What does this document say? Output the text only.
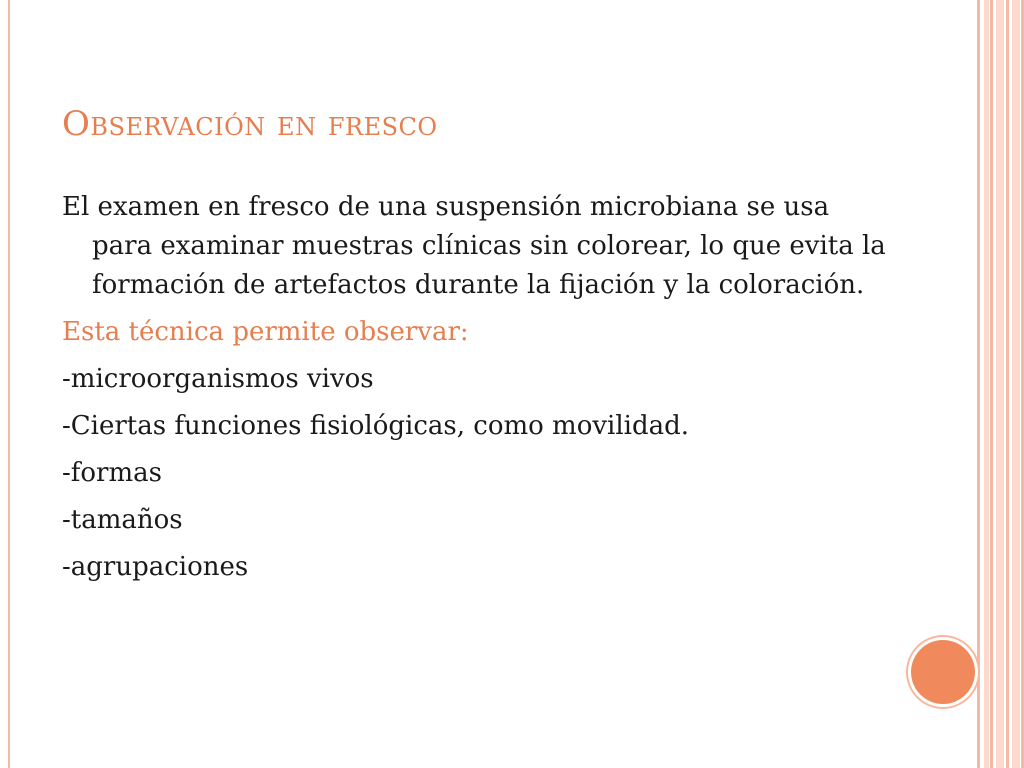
Observación en fresco

El examen en fresco de una suspensión microbiana se usa para examinar muestras clínicas sin colorear, lo que evita la formación de artefactos durante la fijación y la coloración.

Esta técnica permite observar:

-microorganismos vivos

-Ciertas funciones fisiológicas, como movilidad.

-formas

-tamaños

-agrupaciones
